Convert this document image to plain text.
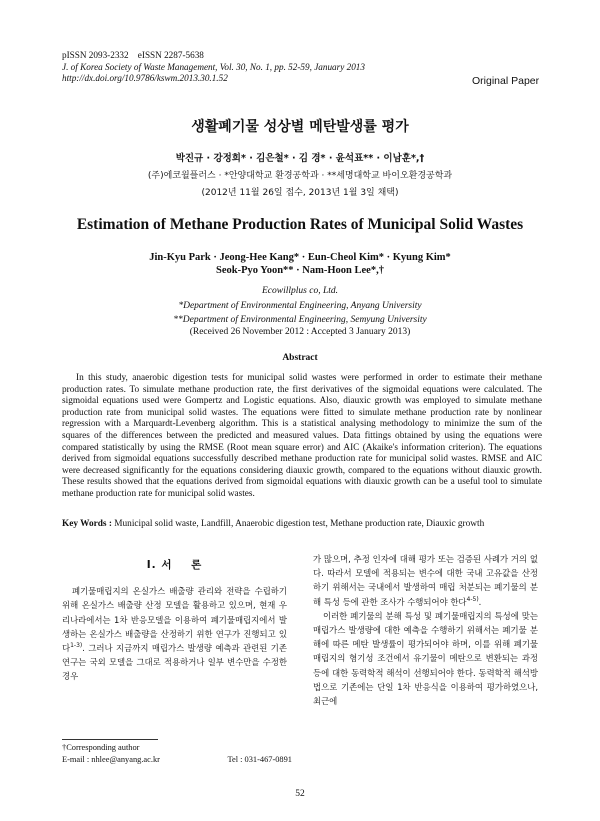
pISSN 2093-2332    eISSN 2287-5638
J. of Korea Society of Waste Management, Vol. 30, No. 1, pp. 52-59, January 2013
http://dx.doi.org/10.9786/kswm.2013.30.1.52	Original Paper
생활폐기물 성상별 메탄발생률 평가
박진규 · 강정희* · 김은철* · 김 경* · 윤석표** · 이남훈*,†
(주)에코윌플러스 · *안양대학교 환경공학과 · **세명대학교 바이오환경공학과
(2012년 11월 26일 접수, 2013년 1월 3일 채택)
Estimation of Methane Production Rates of Municipal Solid Wastes
Jin-Kyu Park · Jeong-Hee Kang* · Eun-Cheol Kim* · Kyung Kim*
Seok-Pyo Yoon** · Nam-Hoon Lee*,†
Ecowillplus co, Ltd.
*Department of Environmental Engineering, Anyang University
**Department of Environmental Engineering, Semyung University
(Received 26 November 2012 : Accepted 3 January 2013)
Abstract
In this study, anaerobic digestion tests for municipal solid wastes were performed in order to estimate their methane production rates. To simulate methane production rate, the first derivatives of the sigmoidal equations were calculated. The sigmoidal equations used were Gompertz and Logistic equations. Also, diauxic growth was employed to simulate methane production rate from municipal solid wastes. The equations were fitted to simulate methane production rate by nonlinear regression with a Marquardt-Levenberg algorithm. This is a statistical analysing methodology to minimize the sum of the squares of the differences between the predicted and measured values. Data fittings obtained by using the equations were compared statistically by using the RMSE (Root mean square error) and AIC (Akaike's information criterion). The equations derived from sigmoidal equations successfully described methane production rate for municipal solid wastes. RMSE and AIC were decreased significantly for the equations considering diauxic growth, compared to the equations without diauxic growth. These results showed that the equations derived from sigmoidal equations with diauxic growth can be a useful tool to simulate methane production rate for municipal solid wastes.
Key Words : Municipal solid waste, Landfill, Anaerobic digestion test, Methane production rate, Diauxic growth
I. 서    론

폐기물매립지의 온실가스 배출량 관리와 전략을 수립하기 위해 온실가스 배출량 산정 모델을 활용하고 있으며, 현재 우리나라에서는 1차 반응모델을 이용하여 폐기물매립지에서 발생하는 온실가스 배출량을 산정하기 위한 연구가 진행되고 있다$^{1-3)}$. 그러나 지금까지 매립가스 발생량 예측과 관련된 기존 연구는 국외 모델을 그대로 적용하거나 일부 변수만을 수정한 경우

가 많으며, 추정 인자에 대해 평가 또는 검증된 사례가 거의 없다. 따라서 모델에 적용되는 변수에 대한 국내 고유값을 산정하기 위해서는 국내에서 발생하여 매립 처분되는 폐기물의 분해 특성 등에 관한 조사가 수행되어야 한다$^{4-5)}$.

이러한 폐기물의 분해 특성 및 폐기물매립지의 특성에 맞는 매립가스 발생량에 대한 예측을 수행하기 위해서는 폐기물 분해에 따른 메탄 발생률이 평가되어야 하며, 이를 위해 폐기물매립지의 혐기성 조건에서 유기물이 메탄으로 변환되는 과정 등에 대한 동력학적 해석이 선행되어야 한다. 동력학적 해석방법으로 기존에는 단일 1차 반응식을 이용하여 평가하였으나, 최근에

†Corresponding author
E-mail : nhlee@anyang.ac.kr	Tel : 031-467-0891
52
